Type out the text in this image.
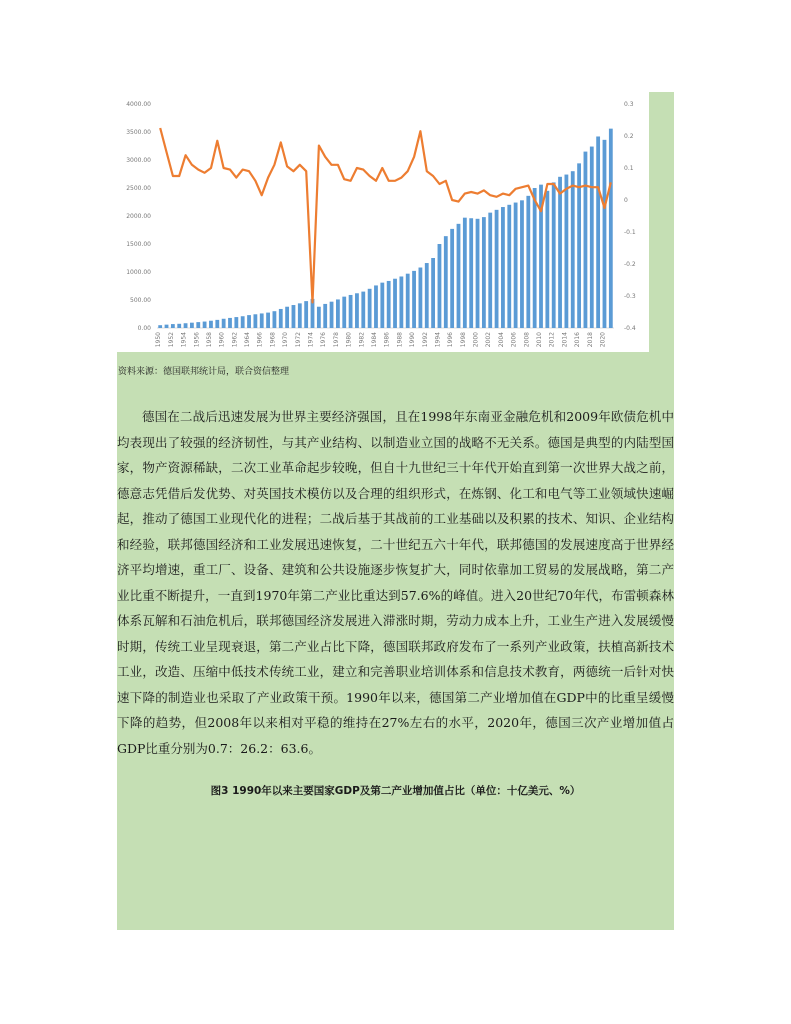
4000.00
3500.00
3000.00
2500.00
2000.00
1500.00
1000.00
500.00
0.00
0.3
0.2
0.1
0
-0.1
-0.2
-0.3
-0.4
1950 1952 1954 1956 1958 1960 1962 1964 1966 1968 1970 1972 1974 1976 1978 1980 1982 1984 1986 1988 1990 1992 1994 1996 1998 2000 2002 2004 2006 2008 2010 2012 2014 2016 2018 2020
资料来源：德国联邦统计局，联合资信整理

德国在二战后迅速发展为世界主要经济强国，且在1998年东南亚金融危机和2009年欧债危机中均表现出了较强的经济韧性，与其产业结构、以制造业立国的战略不无关系。德国是典型的内陆型国家，物产资源稀缺，二次工业革命起步较晚，但自十九世纪三十年代开始直到第一次世界大战之前，德意志凭借后发优势、对英国技术模仿以及合理的组织形式，在炼钢、化工和电气等工业领域快速崛起，推动了德国工业现代化的进程；二战后基于其战前的工业基础以及积累的技术、知识、企业结构和经验，联邦德国经济和工业发展迅速恢复，二十世纪五六十年代，联邦德国的发展速度高于世界经济平均增速，重工厂、设备、建筑和公共设施逐步恢复扩大，同时依靠加工贸易的发展战略，第二产业比重不断提升，一直到1970年第二产业比重达到57.6%的峰值。进入20世纪70年代，布雷顿森林体系瓦解和石油危机后，联邦德国经济发展进入滞涨时期，劳动力成本上升，工业生产进入发展缓慢时期，传统工业呈现衰退，第二产业占比下降，德国联邦政府发布了一系列产业政策，扶植高新技术工业，改造、压缩中低技术传统工业，建立和完善职业培训体系和信息技术教育，两德统一后针对快速下降的制造业也采取了产业政策干预。1990年以来，德国第二产业增加值在GDP中的比重呈缓慢下降的趋势，但2008年以来相对平稳的维持在27%左右的水平，2020年，德国三次产业增加值占GDP比重分别为0.7：26.2：63.6。

图3 1990年以来主要国家GDP及第二产业增加值占比（单位：十亿美元、%）
